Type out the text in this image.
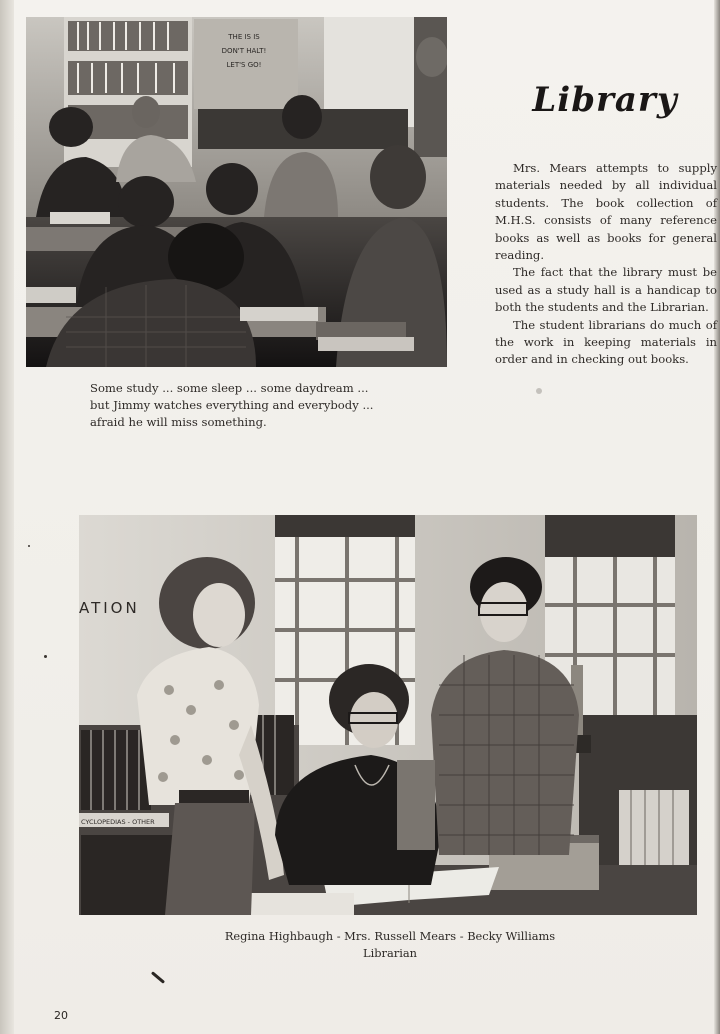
THE IS IS
DON'T HALT!
LET'S GO!
Library

Mrs. Mears attempts to supply materials needed by all individual students. The book collection of M.H.S. consists of many reference books as well as books for general reading.

The fact that the library must be used as a study hall is a handicap to both the students and the Librarian.

The student librarians do much of the work in keeping materials in order and in checking out books.

Some study ... some sleep ... some daydream ...
but Jimmy watches everything and everybody ...
afraid he will miss something.
ATION
CYCLOPEDIAS - OTHER
Regina Highbaugh - Mrs. Russell Mears - Becky Williams
Librarian
20
